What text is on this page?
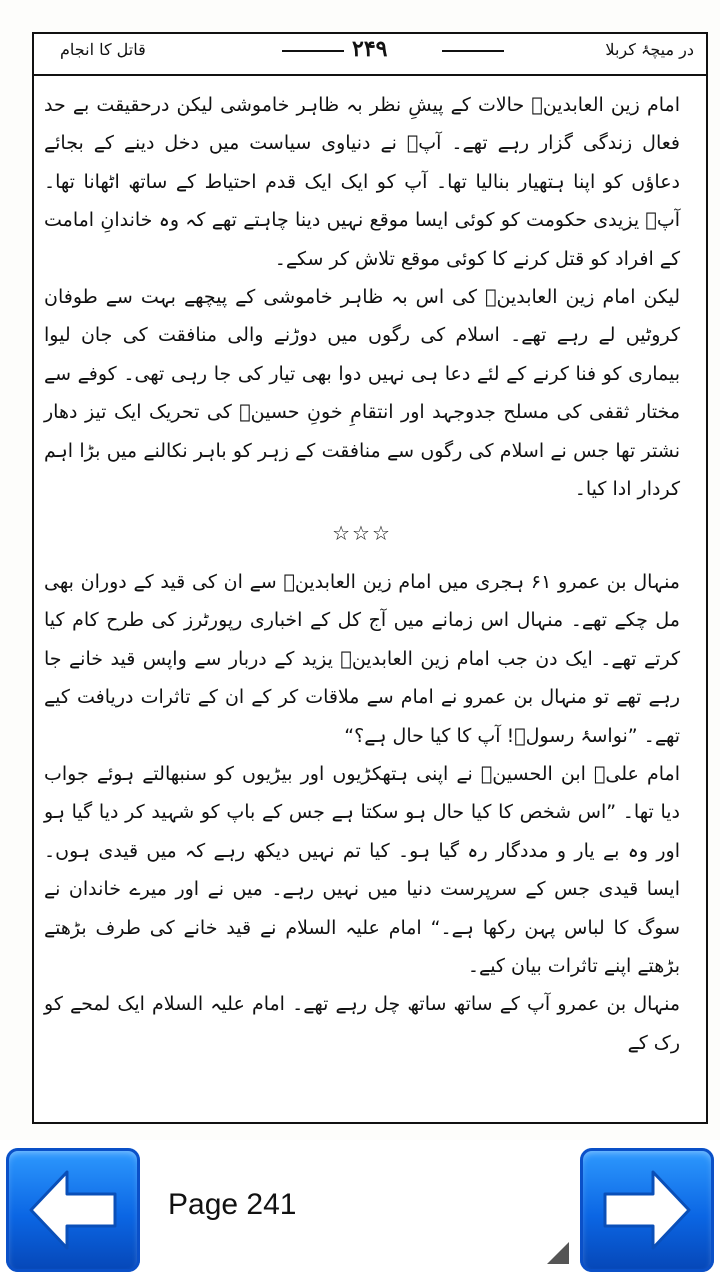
در میچۂ کربلا
۲۴۹
قاتل کا انجام

امام زین العابدینؑ حالات کے پیشِ نظر بہ ظاہر خاموشی لیکن درحقیقت بے حد فعال زندگی گزار رہے تھے۔ آپؑ نے دنیاوی سیاست میں دخل دینے کے بجائے دعاؤں کو اپنا ہتھیار بنالیا تھا۔ آپ کو ایک ایک قدم احتیاط کے ساتھ اٹھانا تھا۔ آپؑ یزیدی حکومت کو کوئی ایسا موقع نہیں دینا چاہتے تھے کہ وہ خاندانِ امامت کے افراد کو قتل کرنے کا کوئی موقع تلاش کر سکے۔

لیکن امام زین العابدینؑ کی اس بہ ظاہر خاموشی کے پیچھے بہت سے طوفان کروٹیں لے رہے تھے۔ اسلام کی رگوں میں دوڑنے والی منافقت کی جان لیوا بیماری کو فنا کرنے کے لئے دعا ہی نہیں دوا بھی تیار کی جا رہی تھی۔ کوفے سے مختار ثقفی کی مسلح جدوجہد اور انتقامِ خونِ حسینؑ کی تحریک ایک تیز دھار نشتر تھا جس نے اسلام کی رگوں سے منافقت کے زہر کو باہر نکالنے میں بڑا اہم کردار ادا کیا۔

☆☆☆

منہال بن عمرو ۶۱ ہجری میں امام زین العابدینؑ سے ان کی قید کے دوران بھی مل چکے تھے۔ منہال اس زمانے میں آج کل کے اخباری رپورٹرز کی طرح کام کیا کرتے تھے۔ ایک دن جب امام زین العابدینؑ یزید کے دربار سے واپس قید خانے جا رہے تھے تو منہال بن عمرو نے امام سے ملاقات کر کے ان کے تاثرات دریافت کیے تھے۔ ”نواسۂ رسولؐ! آپ کا کیا حال ہے؟“

امام علیؑ ابن الحسینؑ نے اپنی ہتھکڑیوں اور بیڑیوں کو سنبھالتے ہوئے جواب دیا تھا۔ ”اس شخص کا کیا حال ہو سکتا ہے جس کے باپ کو شہید کر دیا گیا ہو اور وہ بے یار و مددگار رہ گیا ہو۔ کیا تم نہیں دیکھ رہے کہ میں قیدی ہوں۔ ایسا قیدی جس کے سرپرست دنیا میں نہیں رہے۔ میں نے اور میرے خاندان نے سوگ کا لباس پہن رکھا ہے۔“ امام علیہ السلام نے قید خانے کی طرف بڑھتے بڑھتے اپنے تاثرات بیان کیے۔

منہال بن عمرو آپ کے ساتھ ساتھ چل رہے تھے۔ امام علیہ السلام ایک لمحے کو رک کے

Page 241
